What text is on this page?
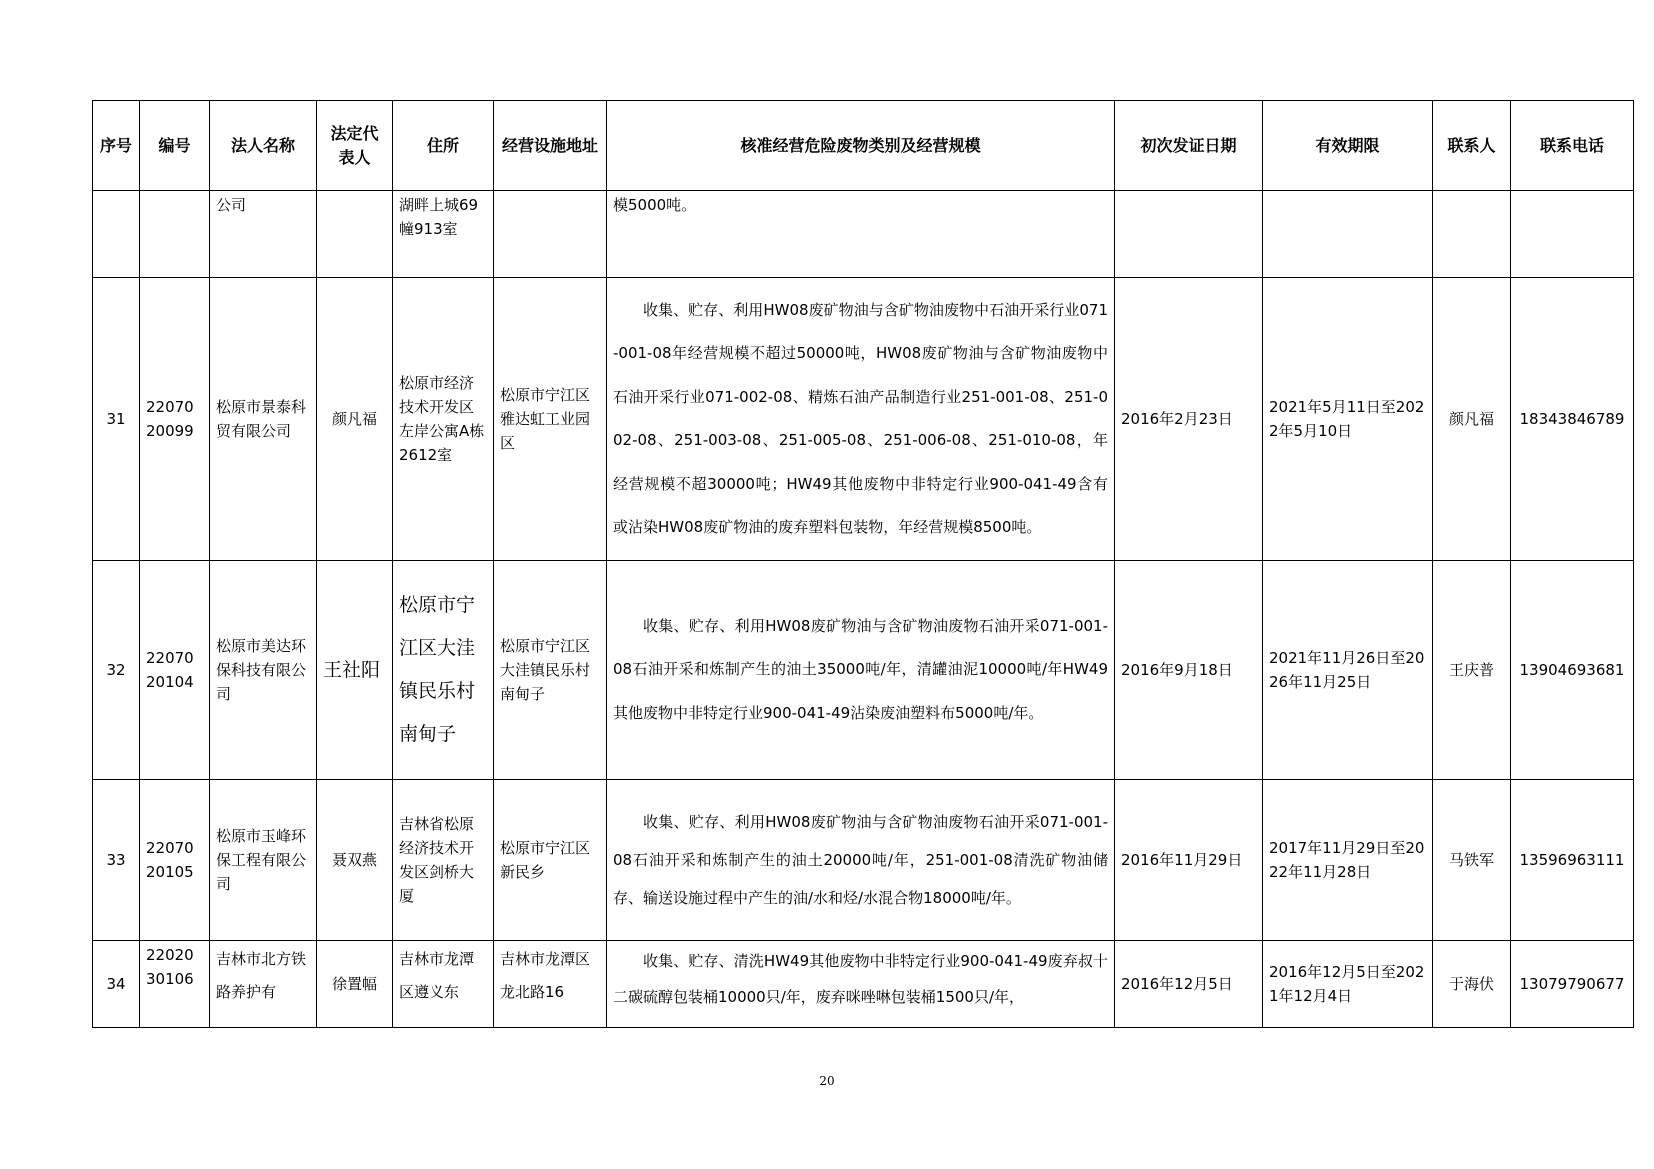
序号	编号	法人名称	法定代表人	住所	经营设施地址	核准经营危险废物类别及经营规模	初次发证日期	有效期限	联系人	联系电话
		公司		湖畔上城69幢913室		模5000吨。				
31	2207020099	松原市景泰科贸有限公司	颜凡福	松原市经济技术开发区左岸公寓A栋2612室	松原市宁江区雅达虹工业园区	收集、贮存、利用HW08废矿物油与含矿物油废物中石油开采行业071-001-08年经营规模不超过50000吨，HW08废矿物油与含矿物油废物中石油开采行业071-002-08、精炼石油产品制造行业251-001-08、251-002-08、251-003-08、251-005-08、251-006-08、251-010-08，年经营规模不超30000吨；HW49其他废物中非特定行业900-041-49含有或沾染HW08废矿物油的废弃塑料包装物，年经营规模8500吨。	2016年2月23日	2021年5月11日至2022年5月10日	颜凡福	18343846789
32	2207020104	松原市美达环保科技有限公司	王社阳	松原市宁江区大洼镇民乐村南甸子	松原市宁江区大洼镇民乐村南甸子	收集、贮存、利用HW08废矿物油与含矿物油废物石油开采071-001-08石油开采和炼制产生的油土35000吨/年，清罐油泥10000吨/年HW49其他废物中非特定行业900-041-49沾染废油塑料布5000吨/年。	2016年9月18日	2021年11月26日至2026年11月25日	王庆普	13904693681
33	2207020105	松原市玉峰环保工程有限公司	聂双燕	吉林省松原经济技术开发区剑桥大厦	松原市宁江区新民乡	收集、贮存、利用HW08废矿物油与含矿物油废物石油开采071-001-08石油开采和炼制产生的油土20000吨/年，251-001-08清洗矿物油储存、输送设施过程中产生的油/水和烃/水混合物18000吨/年。	2016年11月29日	2017年11月29日至2022年11月28日	马铁军	13596963111
34	2202030106	吉林市北方铁路养护有	徐置幅	吉林市龙潭区遵义东	吉林市龙潭区龙北路16	收集、贮存、清洗HW49其他废物中非特定行业900-041-49废弃叔十二碳硫醇包装桶10000只/年，废弃咪唑啉包装桶1500只/年，	2016年12月5日	2016年12月5日至2021年12月4日	于海伏	13079790677
20
